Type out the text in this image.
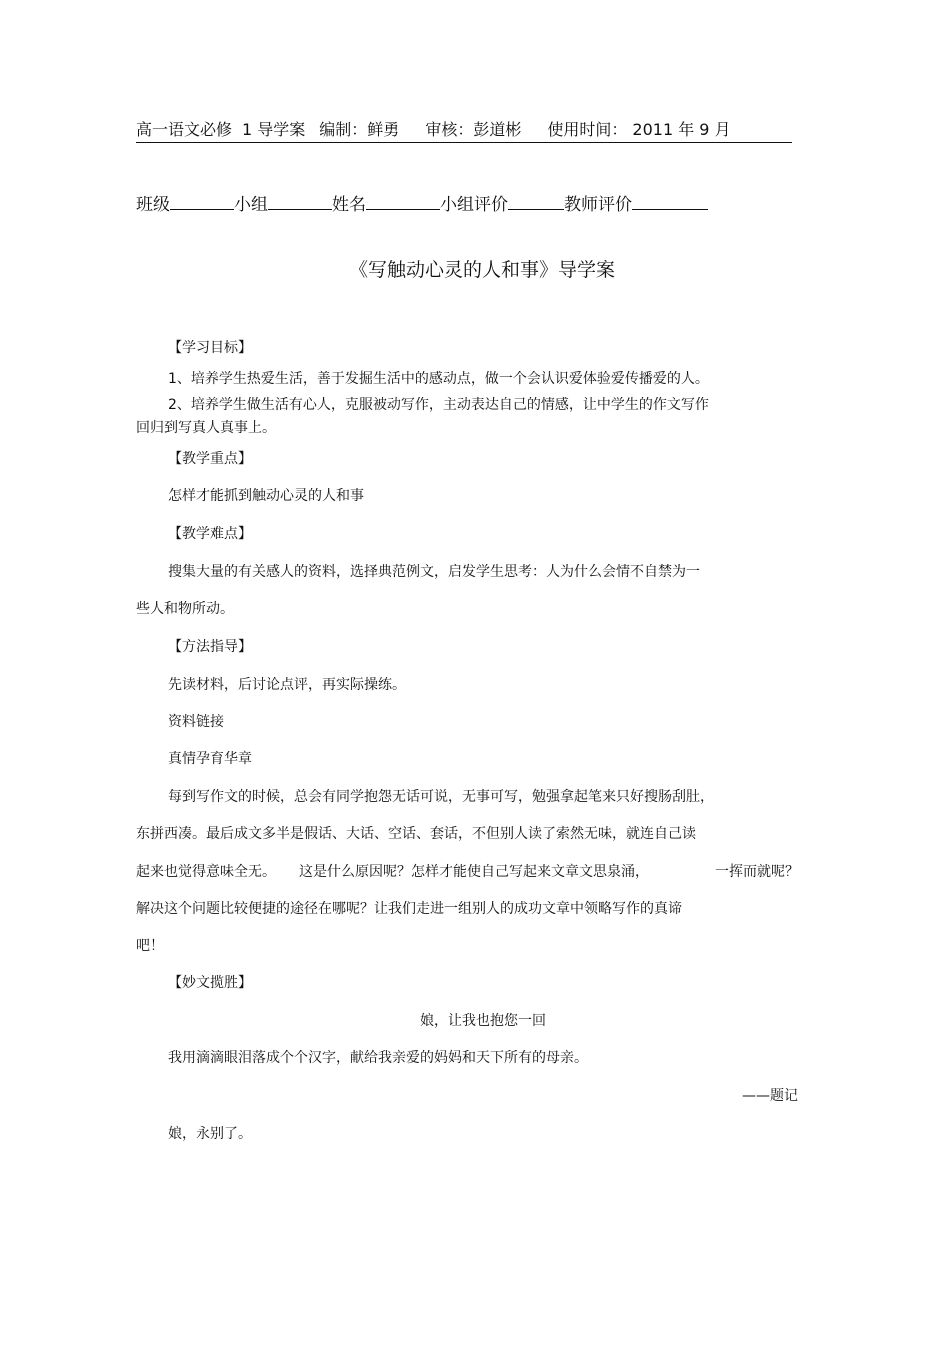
高一语文必修 1 导学案 编制：鲜勇 审核：彭道彬 使用时间： 2011 年 9 月
班级	小组	姓名	小组评价	教师评价
《写触动心灵的人和事》导学案
【学习目标】
1、培养学生热爱生活，善于发掘生活中的感动点，做一个会认识爱体验爱传播爱的人。
2、培养学生做生活有心人，克服被动写作，主动表达自己的情感，让中学生的作文写作
回归到写真人真事上。
【教学重点】
怎样才能抓到触动心灵的人和事
【教学难点】
搜集大量的有关感人的资料，选择典范例文，启发学生思考：人为什么会情不自禁为一
些人和物所动。
【方法指导】
先读材料，后讨论点评，再实际操练。
资料链接
真情孕育华章
每到写作文的时候，总会有同学抱怨无话可说，无事可写，勉强拿起笔来只好搜肠刮肚，
东拼西凑。最后成文多半是假话、大话、空话、套话，不但别人读了索然无味，就连自己读
起来也觉得意味全无。 这是什么原因呢？怎样才能使自己写起来文章文思泉涌，	一挥而就呢？
解决这个问题比较便捷的途径在哪呢？让我们走进一组别人的成功文章中领略写作的真谛
吧！
【妙文揽胜】
娘，让我也抱您一回
我用滴滴眼泪落成个个汉字，献给我亲爱的妈妈和天下所有的母亲。
——题记
娘，永别了。
